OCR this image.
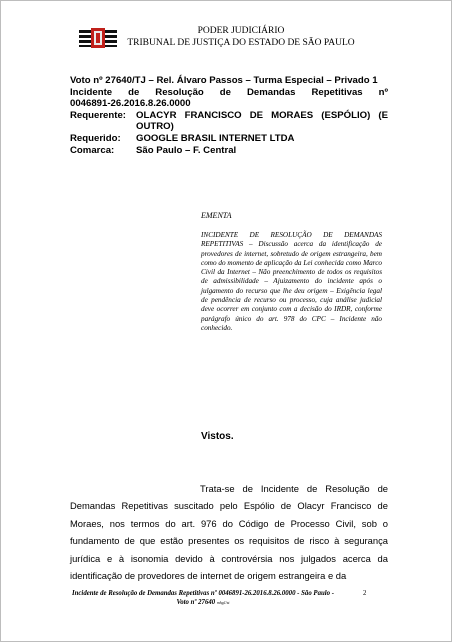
PODER JUDICIÁRIO
TRIBUNAL DE JUSTIÇA DO ESTADO DE SÃO PAULO
Voto nº 27640/TJ – Rel. Álvaro Passos – Turma Especial – Privado 1
Incidente de Resolução de Demandas Repetitivas nº
0046891-26.2016.8.26.0000
Requerente:	OLACYR FRANCISCO DE MORAES (ESPÓLIO) (E OUTRO)
Requerido:	GOOGLE BRASIL INTERNET LTDA
Comarca:	São Paulo – F. Central
EMENTA
INCIDENTE DE RESOLUÇÃO DE DEMANDAS REPETITIVAS – Discussão acerca da identificação de provedores de internet, sobretudo de origem estrangeira, bem como do momento de aplicação da Lei conhecida como Marco Civil da Internet – Não preenchimento de todos os requisitos de admissibilidade – Ajuizamento do incidente após o julgamento do recurso que lhe deu origem – Exigência legal de pendência de recurso ou processo, cuja análise judicial deve ocorrer em conjunto com a decisão do IRDR, conforme parágrafo único do art. 978 do CPC – Incidente não conhecido.
Vistos.
Trata-se de Incidente de Resolução de Demandas Repetitivas suscitado pelo Espólio de Olacyr Francisco de Moraes, nos termos do art. 976 do Código de Processo Civil, sob o fundamento de que estão presentes os requisitos de risco à segurança jurídica e à isonomia devido à controvérsia nos julgados acerca da identificação de provedores de internet de origem estrangeira e da
Incidente de Resolução de Demandas Repetitivas nº 0046891-26.2016.8.26.0000 - São Paulo -
Voto nº 27640 mhg1/st
2
